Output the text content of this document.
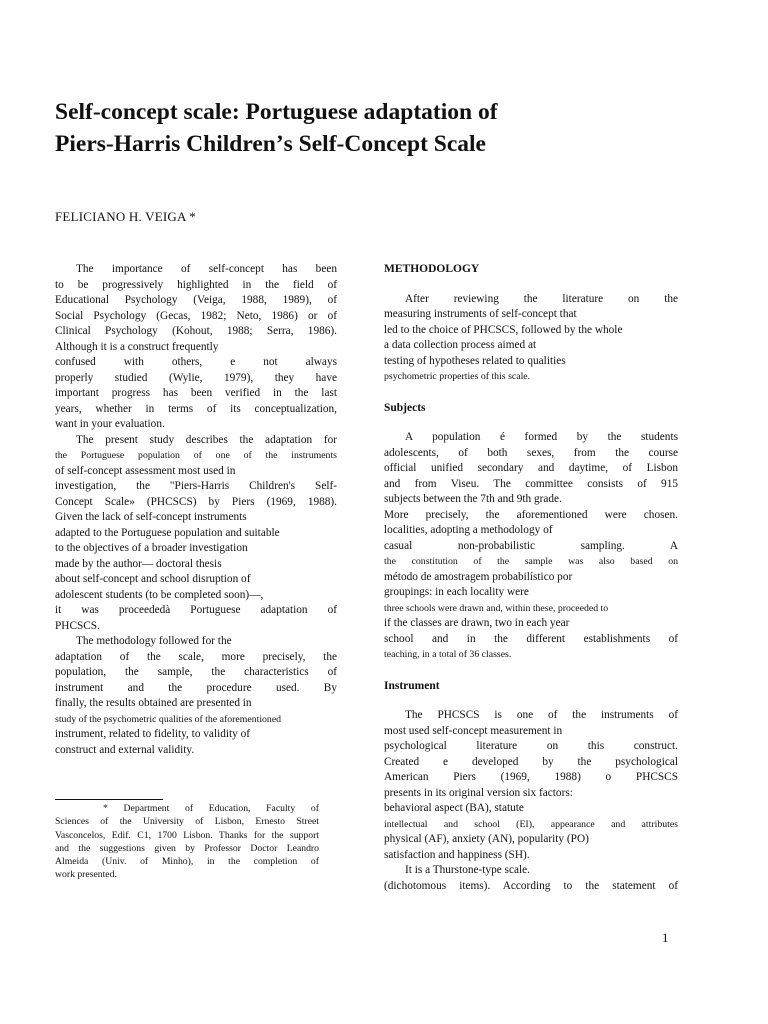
Self-concept scale: Portuguese adaptation of
Piers-Harris Childrenʼs Self-Concept Scale

FELICIANO H. VEIGA *

The importance of self-concept has been
to be progressively highlighted in the field of
Educational Psychology (Veiga, 1988, 1989), of
Social Psychology (Gecas, 1982; Neto, 1986) or of
Clinical Psychology (Kohout, 1988; Serra, 1986).
Although it is a construct frequently
confused with others, e not always
properly studied (Wylie, 1979), they have
important progress has been verified in the last
years, whether in terms of its conceptualization,
want in your evaluation.
The present study describes the adaptation for
the Portuguese population of one of the instruments
of self-concept assessment most used in
investigation, the "Piers-Harris Children's Self-
Concept Scale» (PHCSCS) by Piers (1969, 1988).
Given the lack of self-concept instruments
adapted to the Portuguese population and suitable
to the objectives of a broader investigation
made by the author— doctoral thesis
about self-concept and school disruption of
adolescent students (to be completed soon)—,
it was proceededà Portuguese adaptation of
PHCSCS.
The methodology followed for the
adaptation of the scale, more precisely, the
population, the sample, the characteristics of
instrument and the procedure used. By
finally, the results obtained are presented in
study of the psychometric qualities of the aforementioned
instrument, related to fidelity, to validity of
construct and external validity.
* Department of Education, Faculty of
Sciences of the University of Lisbon, Ernesto Street
Vasconcelos, Edif. C1, 1700 Lisbon. Thanks for the support
and the suggestions given by Professor Doctor Leandro
Almeida (Univ. of Minho), in the completion of
work presented.
METHODOLOGY
After reviewing the literature on the
measuring instruments of self-concept that
led to the choice of PHCSCS, followed by the whole
a data collection process aimed at
testing of hypotheses related to qualities
psychometric properties of this scale.
Subjects
A population é formed by the students
adolescents, of both sexes, from the course
official unified secondary and daytime, of Lisbon
and from Viseu. The committee consists of 915
subjects between the 7th and 9th grade.
More precisely, the aforementioned were chosen.
localities, adopting a methodology of
casual non-probabilistic sampling. A
the constitution of the sample was also based on
método de amostragem probabilístico por
groupings: in each locality were
three schools were drawn and, within these, proceeded to
if the classes are drawn, two in each year
school and in the different establishments of
teaching, in a total of 36 classes.
Instrument
The PHCSCS is one of the instruments of
most used self-concept measurement in
psychological literature on this construct.
Created e developed by the psychological
American Piers (1969, 1988) o PHCSCS
presents in its original version six factors:
behavioral aspect (BA), statute
intellectual and school (EI), appearance and attributes
physical (AF), anxiety (AN), popularity (PO)
satisfaction and happiness (SH).
It is a Thurstone-type scale.
(dichotomous items). According to the statement of
1
